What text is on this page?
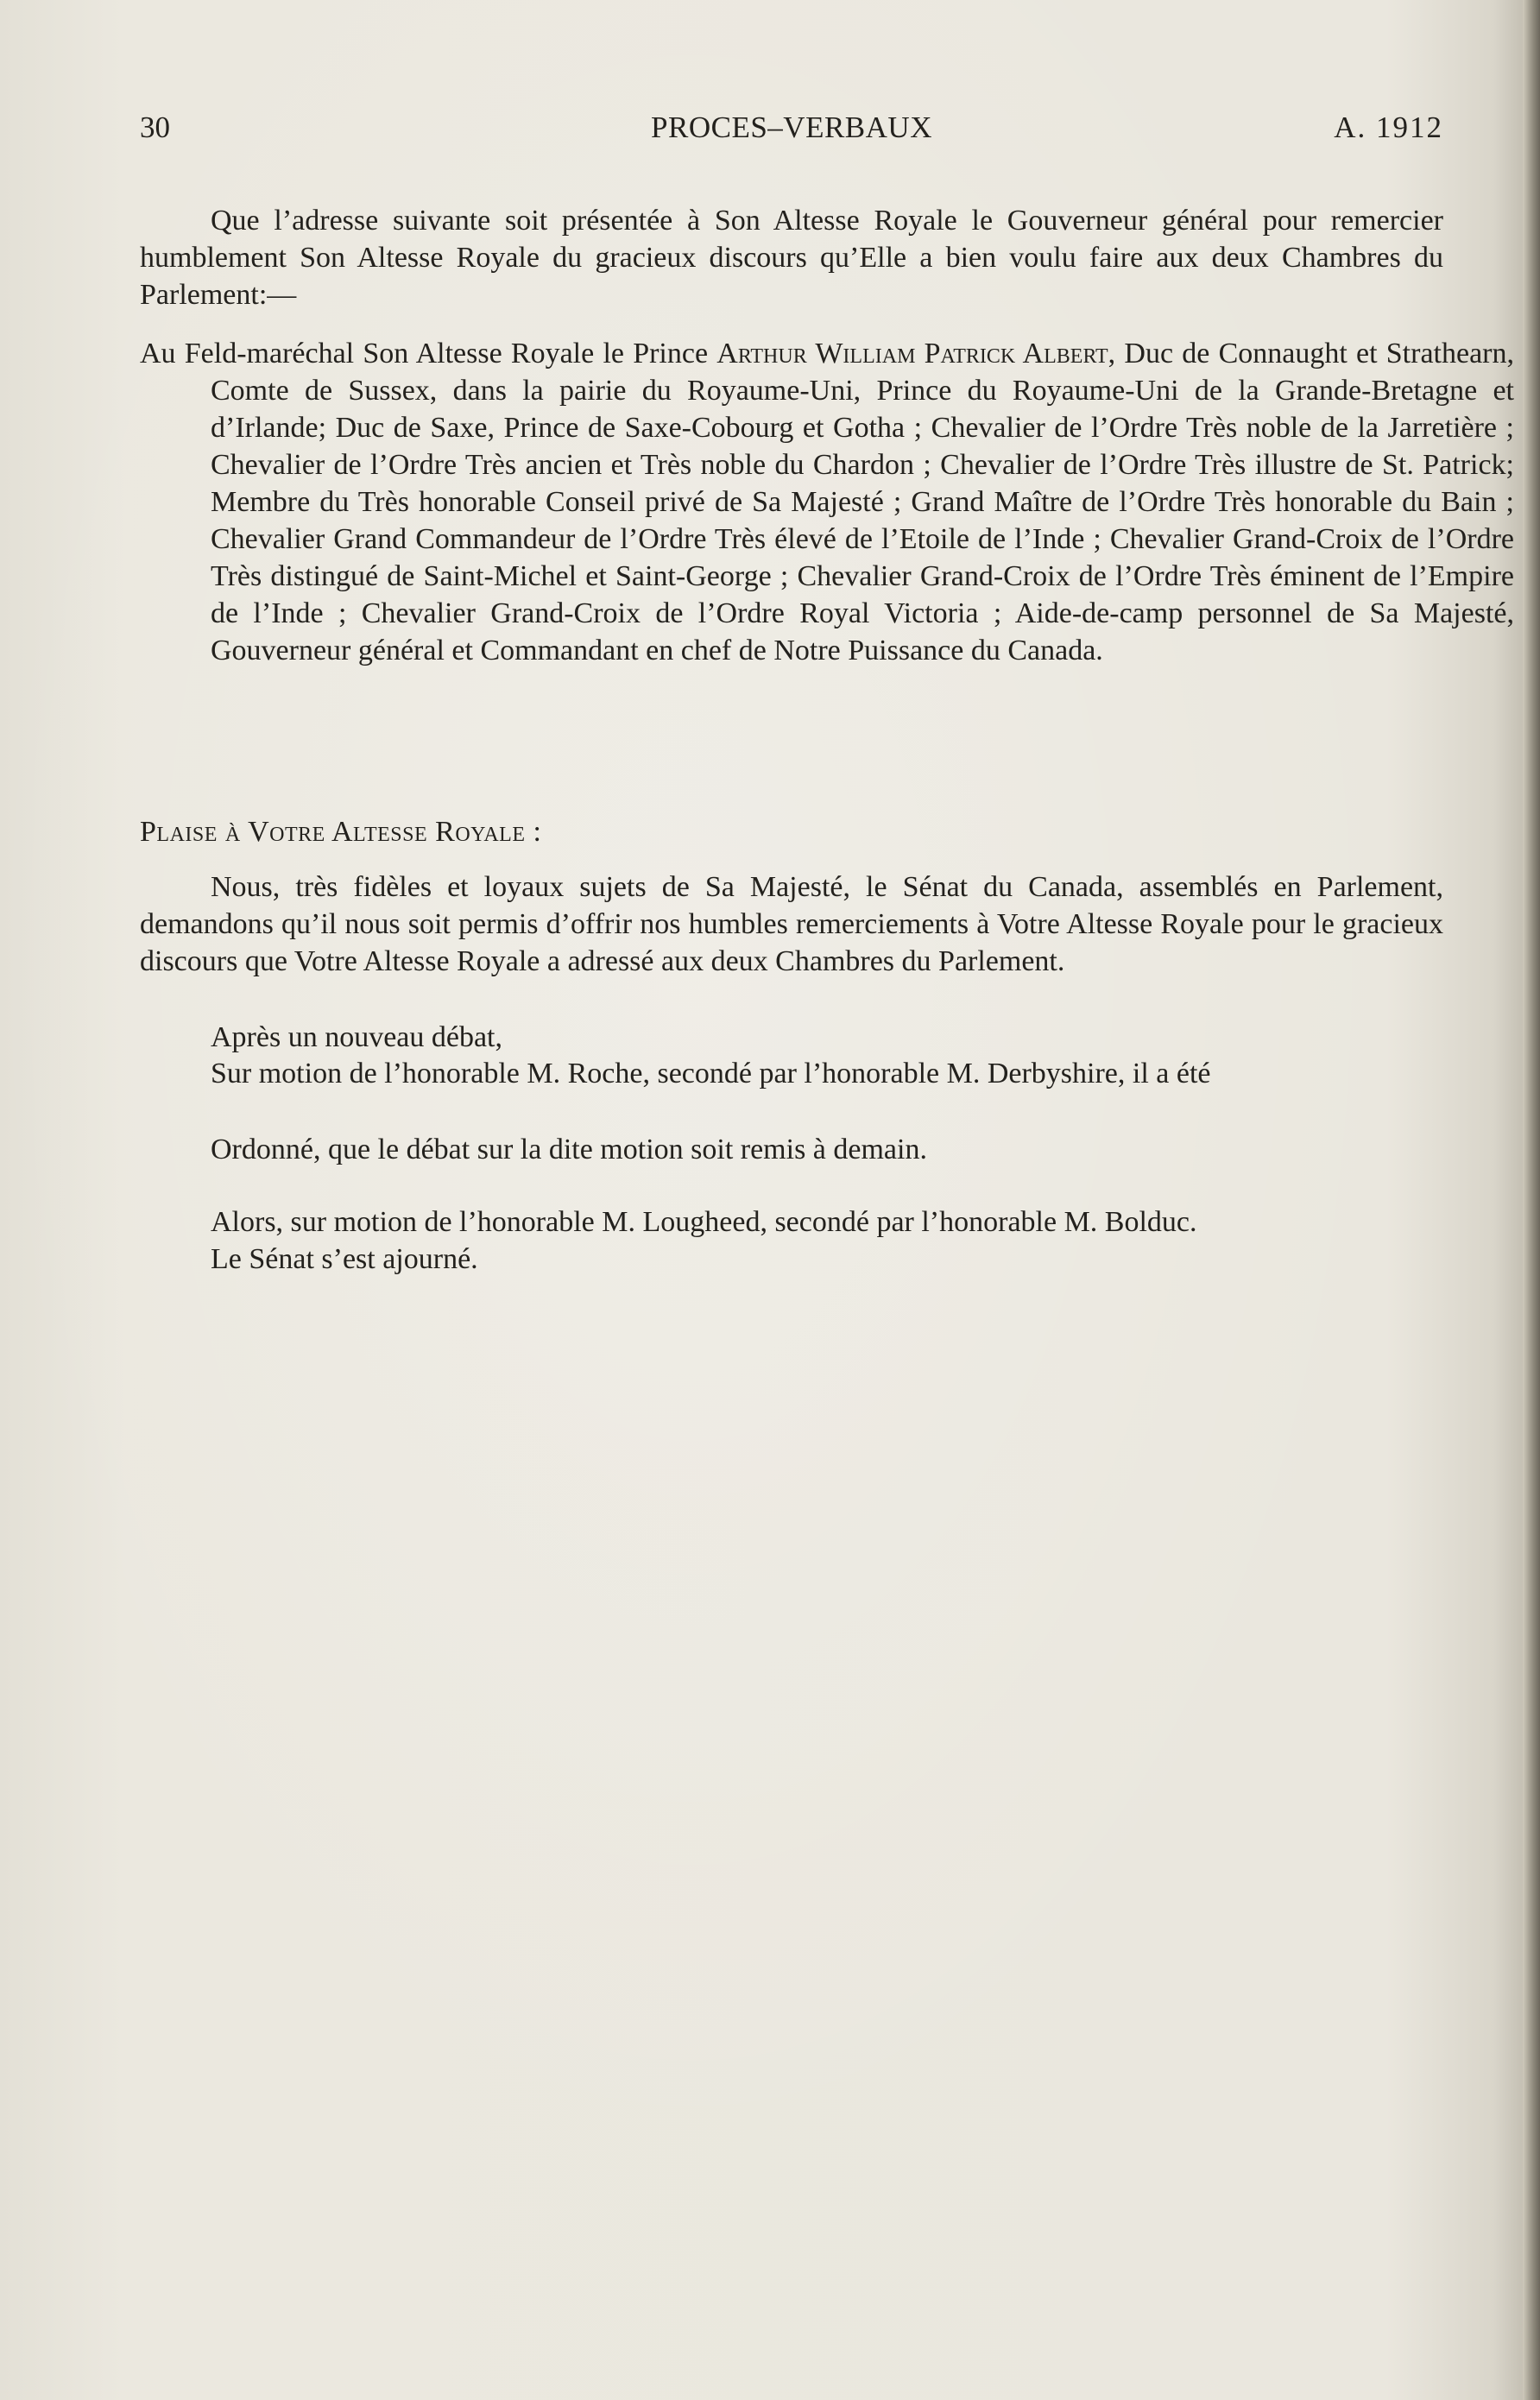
30	PROCES–VERBAUX	A. 1912

Que l’adresse suivante soit présentée à Son Altesse Royale le Gouverneur général pour remercier humblement Son Altesse Royale du gracieux discours qu’Elle a bien voulu faire aux deux Chambres du Parlement:—

Au Feld-maréchal Son Altesse Royale le Prince Arthur William Patrick Albert, Duc de Connaught et Strathearn, Comte de Sussex, dans la pairie du Royaume-Uni, Prince du Royaume-Uni de la Grande-Bretagne et d’Irlande; Duc de Saxe, Prince de Saxe-Cobourg et Gotha ; Chevalier de l’Ordre Très noble de la Jarretière ; Chevalier de l’Ordre Très ancien et Très noble du Chardon ; Chevalier de l’Ordre Très illustre de St. Patrick; Membre du Très honorable Conseil privé de Sa Majesté ; Grand Maître de l’Ordre Très honorable du Bain ; Chevalier Grand Commandeur de l’Ordre Très élevé de l’Etoile de l’Inde ; Chevalier Grand-Croix de l’Ordre Très distingué de Saint-Michel et Saint-George ; Chevalier Grand-Croix de l’Ordre Très éminent de l’Empire de l’Inde ; Chevalier Grand-Croix de l’Ordre Royal Victoria ; Aide-de-camp personnel de Sa Majesté, Gouverneur général et Commandant en chef de Notre Puissance du Canada.

Plaise à Votre Altesse Royale :

Nous, très fidèles et loyaux sujets de Sa Majesté, le Sénat du Canada, assemblés en Parlement, demandons qu’il nous soit permis d’offrir nos humbles remerciements à Votre Altesse Royale pour le gracieux discours que Votre Altesse Royale a adressé aux deux Chambres du Parlement.

Après un nouveau débat,

Sur motion de l’honorable M. Roche, secondé par l’honorable M. Derbyshire, il a été

Ordonné, que le débat sur la dite motion soit remis à demain.

Alors, sur motion de l’honorable M. Lougheed, secondé par l’honorable M. Bolduc.

Le Sénat s’est ajourné.
